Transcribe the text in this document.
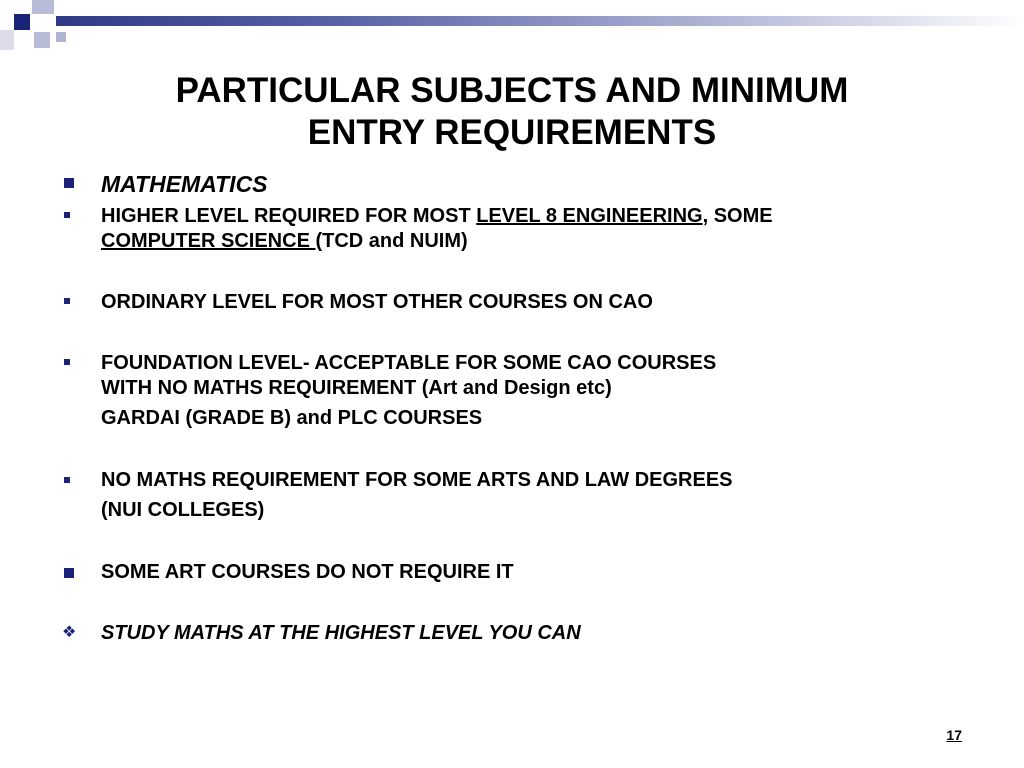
PARTICULAR SUBJECTS AND MINIMUM
ENTRY REQUIREMENTS
MATHEMATICS
HIGHER LEVEL REQUIRED FOR MOST LEVEL 8 ENGINEERING, SOME
COMPUTER SCIENCE (TCD and NUIM)
ORDINARY LEVEL FOR MOST OTHER COURSES ON CAO
FOUNDATION LEVEL- ACCEPTABLE FOR SOME CAO COURSES
WITH NO MATHS REQUIREMENT (Art and Design etc)
GARDAI (GRADE B) and PLC COURSES
NO MATHS REQUIREMENT FOR SOME ARTS AND LAW DEGREES
(NUI COLLEGES)
SOME ART COURSES DO NOT REQUIRE IT
❖ STUDY MATHS AT THE HIGHEST LEVEL YOU CAN
17
